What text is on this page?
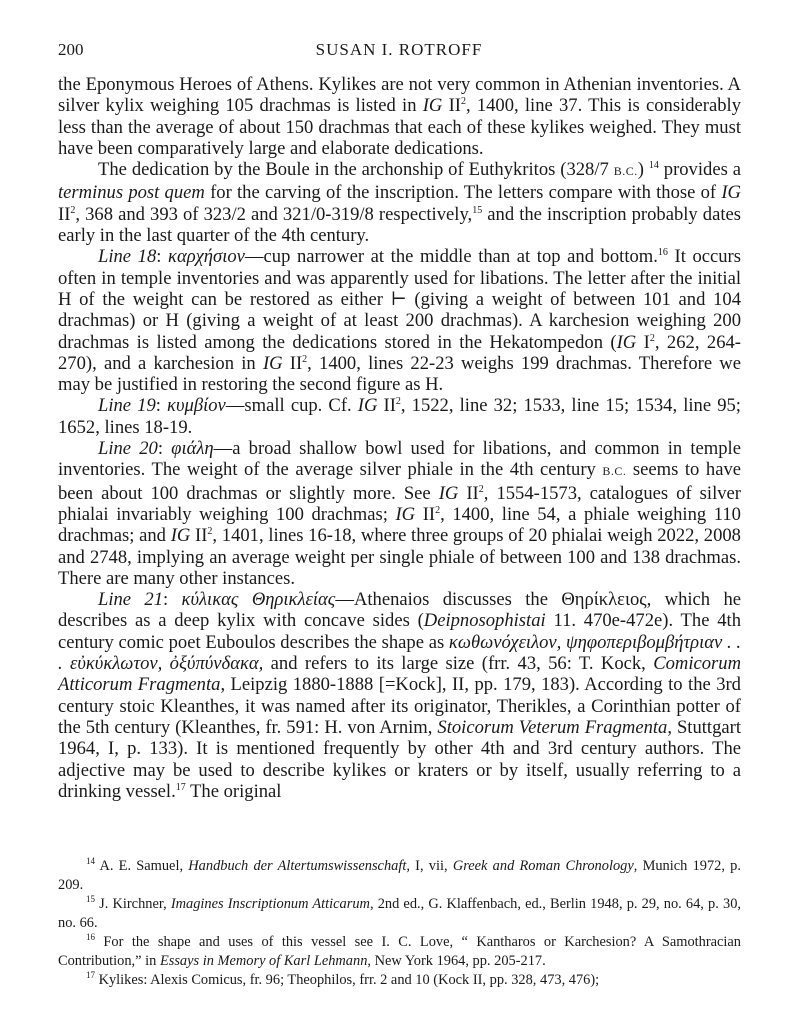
200	SUSAN I. ROTROFF

the Eponymous Heroes of Athens. Kylikes are not very common in Athenian inventories. A silver kylix weighing 105 drachmas is listed in IG $II^2$, 1400, line 37. This is considerably less than the average of about 150 drachmas that each of these kylikes weighed. They must have been comparatively large and elaborate dedications.

The dedication by the Boule in the archonship of Euthykritos (328/7 B.C.) $^{14}$ provides a terminus post quem for the carving of the inscription. The letters compare with those of IG $II^2$, 368 and 393 of 323/2 and 321/0-319/8 respectively,$^{15}$ and the inscription probably dates early in the last quarter of the 4th century.

Line 18: καρχήσιον—cup narrower at the middle than at top and bottom.$^{16}$ It occurs often in temple inventories and was apparently used for libations. The letter after the initial H of the weight can be restored as either ⊢ (giving a weight of between 101 and 104 drachmas) or H (giving a weight of at least 200 drachmas). A karchesion weighing 200 drachmas is listed among the dedications stored in the Hekatompedon (IG $I^2$, 262, 264-270), and a karchesion in IG $II^2$, 1400, lines 22-23 weighs 199 drachmas. Therefore we may be justified in restoring the second figure as H.

Line 19: κυμβίον—small cup. Cf. IG $II^2$, 1522, line 32; 1533, line 15; 1534, line 95; 1652, lines 18-19.

Line 20: φιάλη—a broad shallow bowl used for libations, and common in temple inventories. The weight of the average silver phiale in the 4th century B.C. seems to have been about 100 drachmas or slightly more. See IG $II^2$, 1554-1573, catalogues of silver phialai invariably weighing 100 drachmas; IG $II^2$, 1400, line 54, a phiale weighing 110 drachmas; and IG $II^2$, 1401, lines 16-18, where three groups of 20 phialai weigh 2022, 2008 and 2748, implying an average weight per single phiale of between 100 and 138 drachmas. There are many other instances.

Line 21: κύλικας Θηρικλείας—Athenaios discusses the Θηρίκλειος, which he describes as a deep kylix with concave sides (Deipnosophistai 11. 470e-472e). The 4th century comic poet Euboulos describes the shape as κωθωνόχειλον, ψηφοπεριβομβήτριαν . . . εὐκύκλωτον, ὀξύπύνδακα, and refers to its large size (frr. 43, 56: T. Kock, Comicorum Atticorum Fragmenta, Leipzig 1880-1888 [=Kock], II, pp. 179, 183). According to the 3rd century stoic Kleanthes, it was named after its originator, Therikles, a Corinthian potter of the 5th century (Kleanthes, fr. 591: H. von Arnim, Stoicorum Veterum Fragmenta, Stuttgart 1964, I, p. 133). It is mentioned frequently by other 4th and 3rd century authors. The adjective may be used to describe kylikes or kraters or by itself, usually referring to a drinking vessel.$^{17}$ The original

$^{14}$ A. E. Samuel, Handbuch der Altertumswissenschaft, I, vii, Greek and Roman Chronology, Munich 1972, p. 209.

$^{15}$ J. Kirchner, Imagines Inscriptionum Atticarum, 2nd ed., G. Klaffenbach, ed., Berlin 1948, p. 29, no. 64, p. 30, no. 66.

$^{16}$ For the shape and uses of this vessel see I. C. Love, “ Kantharos or Karchesion? A Samothracian Contribution,” in Essays in Memory of Karl Lehmann, New York 1964, pp. 205-217.

$^{17}$ Kylikes: Alexis Comicus, fr. 96; Theophilos, frr. 2 and 10 (Kock II, pp. 328, 473, 476);
